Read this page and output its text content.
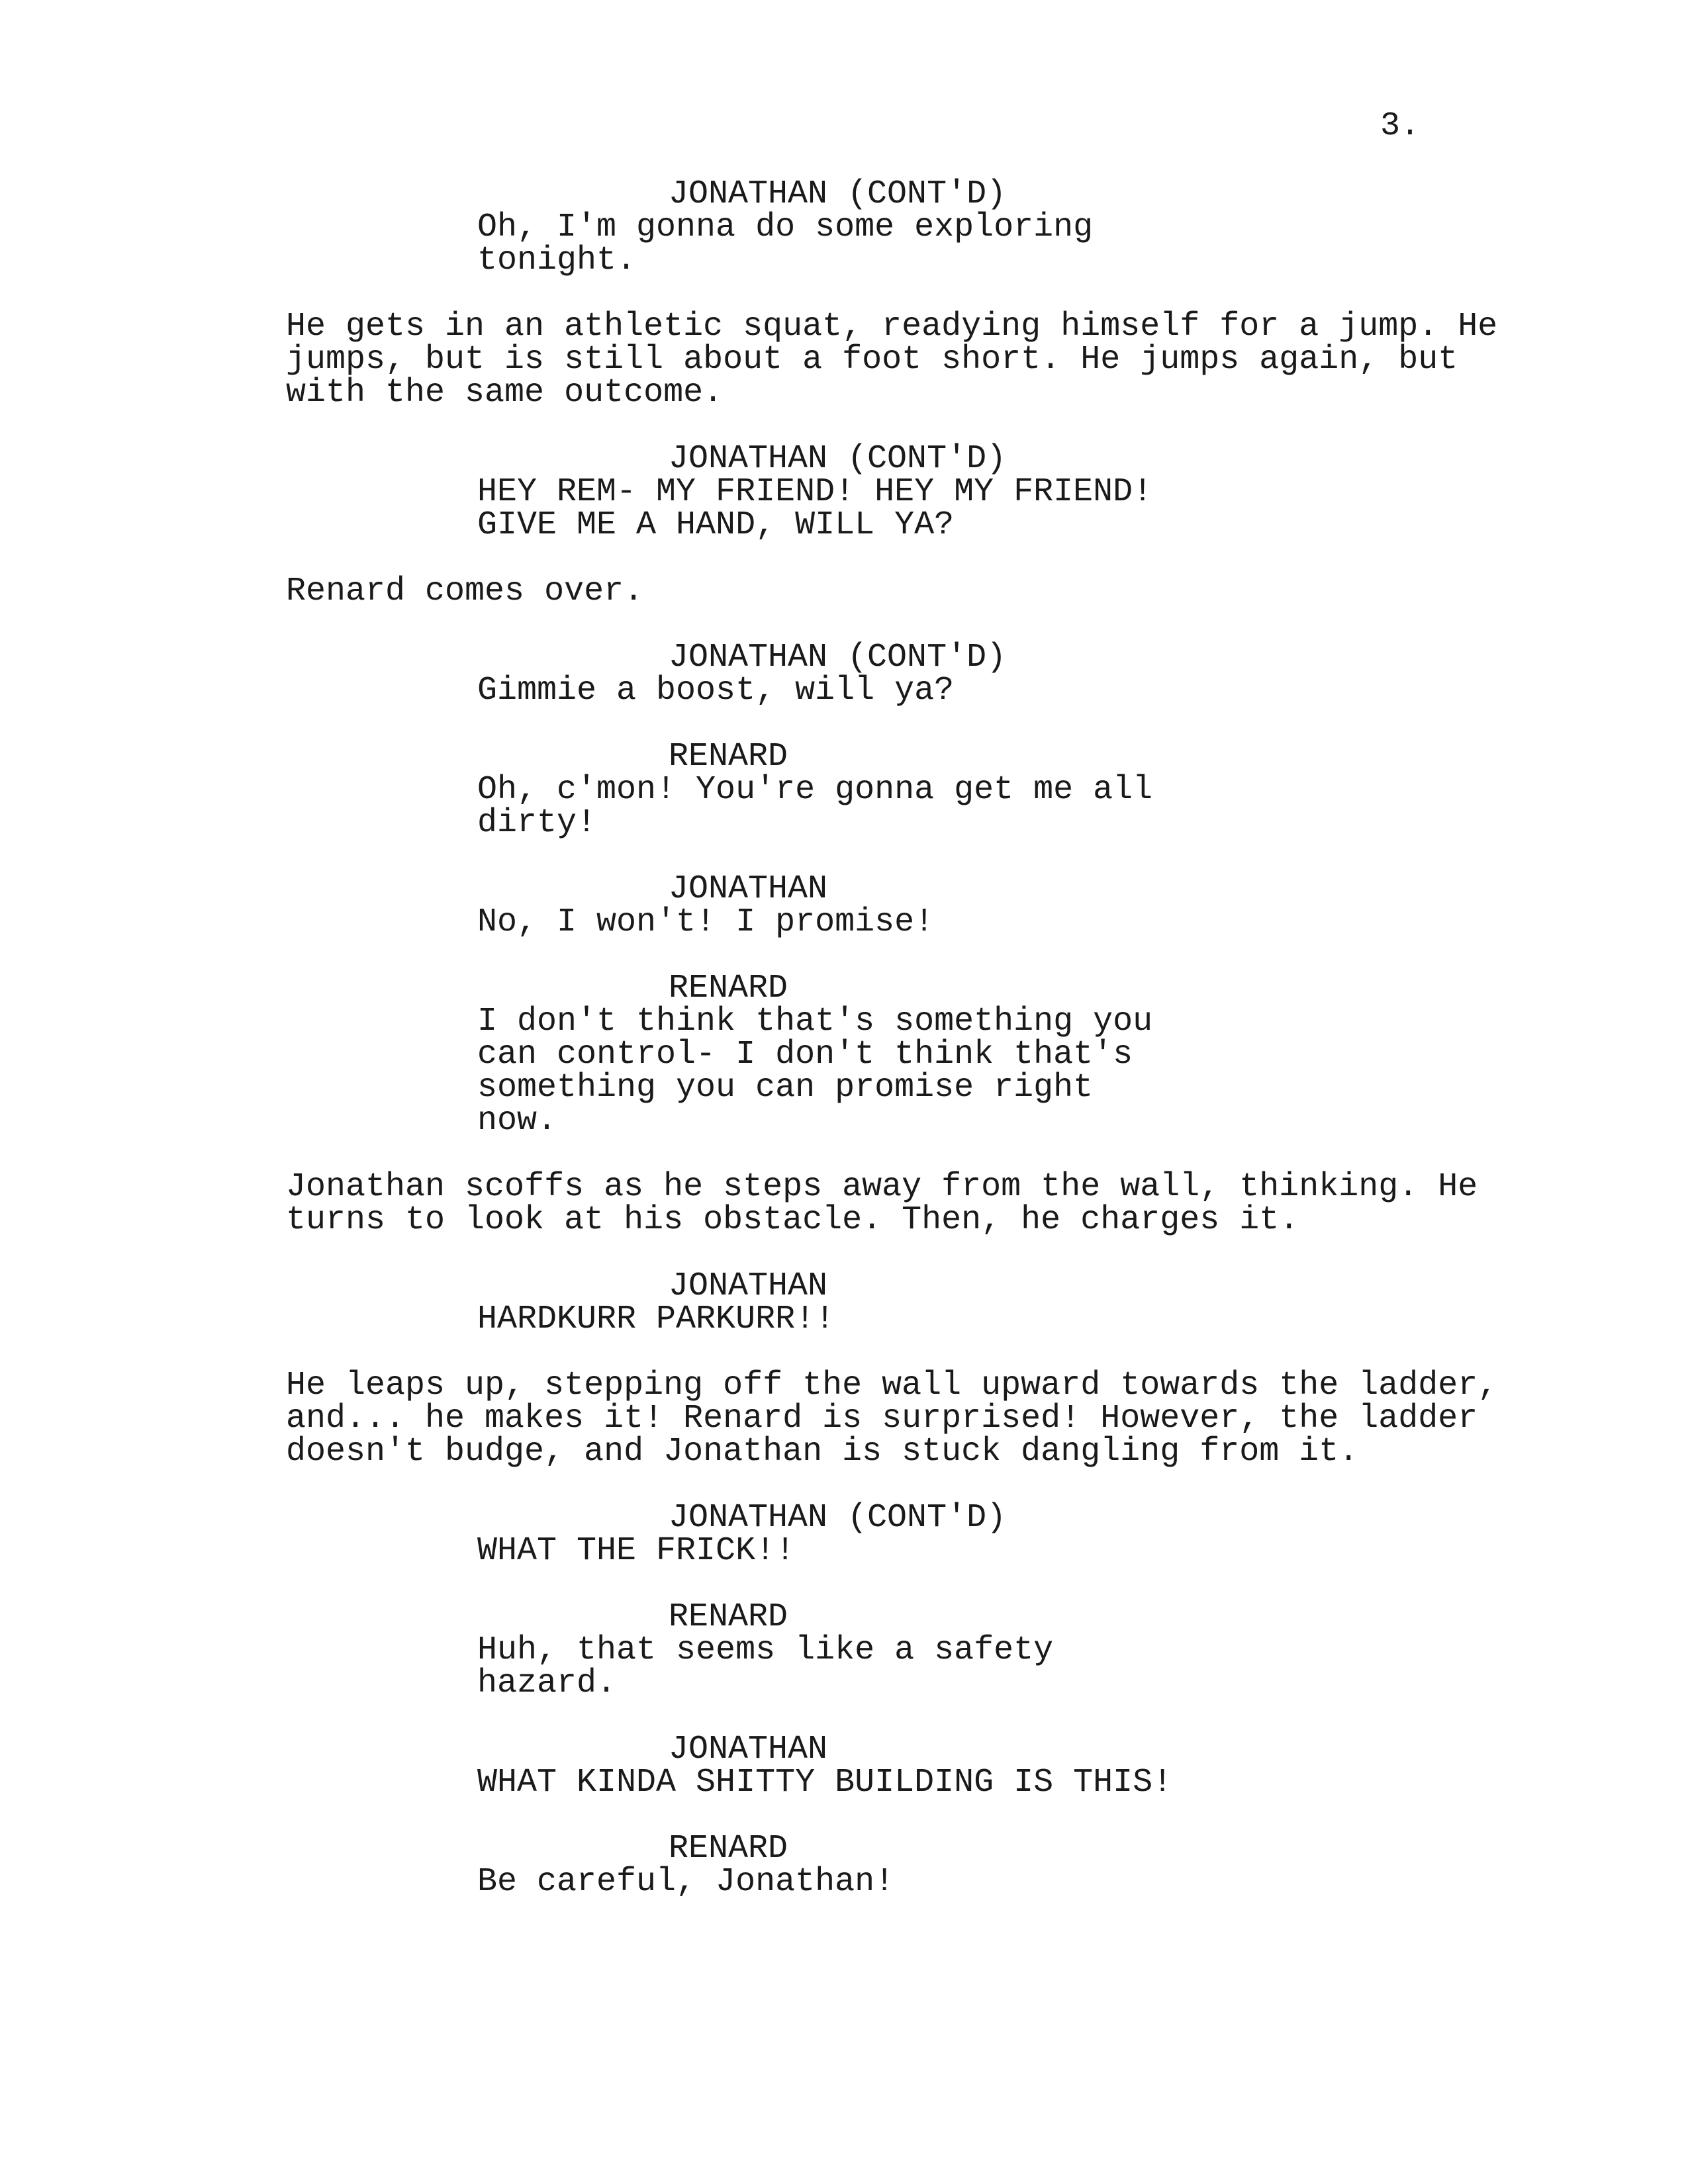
3.
JONATHAN (CONT'D)
Oh, I'm gonna do some exploring
tonight.
He gets in an athletic squat, readying himself for a jump. He
jumps, but is still about a foot short. He jumps again, but
with the same outcome.
JONATHAN (CONT'D)
HEY REM- MY FRIEND! HEY MY FRIEND!
GIVE ME A HAND, WILL YA?
Renard comes over.
JONATHAN (CONT'D)
Gimmie a boost, will ya?
RENARD
Oh, c'mon! You're gonna get me all
dirty!
JONATHAN
No, I won't! I promise!
RENARD
I don't think that's something you
can control- I don't think that's
something you can promise right
now.
Jonathan scoffs as he steps away from the wall, thinking. He
turns to look at his obstacle. Then, he charges it.
JONATHAN
HARDKURR PARKURR!!
He leaps up, stepping off the wall upward towards the ladder,
and... he makes it! Renard is surprised! However, the ladder
doesn't budge, and Jonathan is stuck dangling from it.
JONATHAN (CONT'D)
WHAT THE FRICK!!
RENARD
Huh, that seems like a safety
hazard.
JONATHAN
WHAT KINDA SHITTY BUILDING IS THIS!
RENARD
Be careful, Jonathan!
